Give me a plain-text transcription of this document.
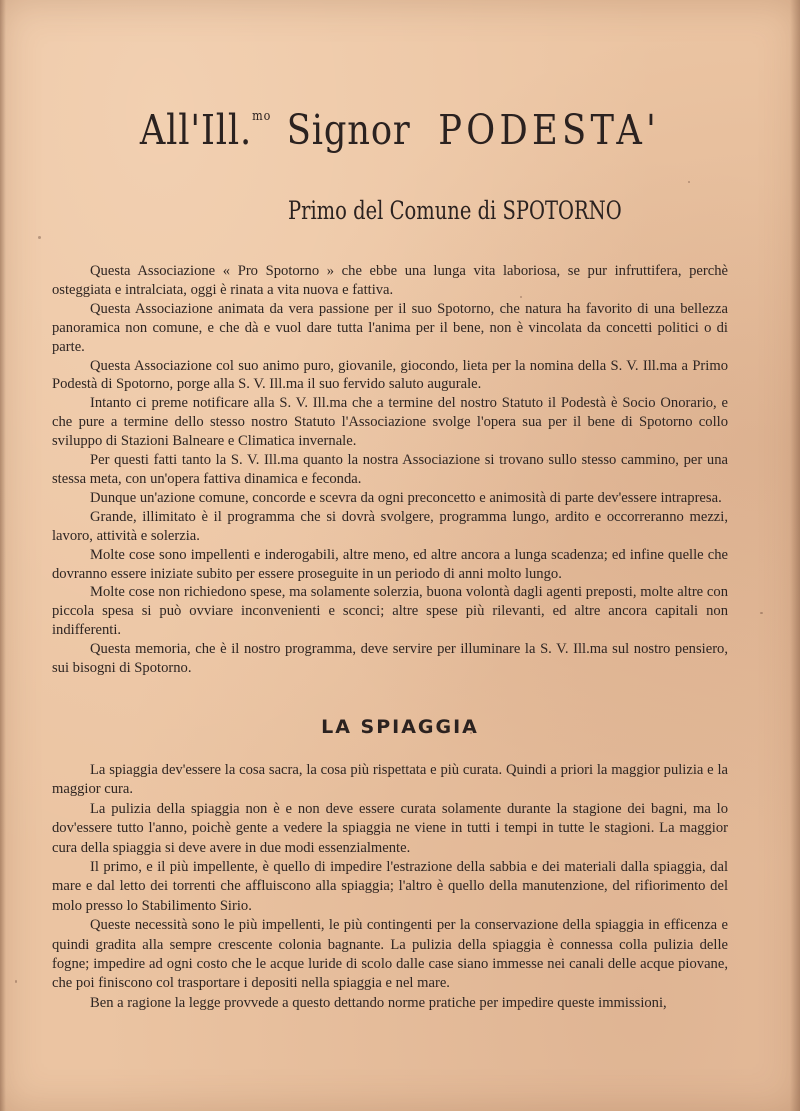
All'Ill.$^{mo}$ Signor PODESTA'
Primo del Comune di SPOTORNO

Questa Associazione « Pro Spotorno » che ebbe una lunga vita laboriosa, se pur infruttifera, perchè osteggiata e intralciata, oggi è rinata a vita nuova e fattiva.

Questa Associazione animata da vera passione per il suo Spotorno, che natura ha favorito di una bellezza panoramica non comune, e che dà e vuol dare tutta l'anima per il bene, non è vincolata da concetti politici o di parte.

Questa Associazione col suo animo puro, giovanile, giocondo, lieta per la nomina della S. V. Ill.ma a Primo Podestà di Spotorno, porge alla S. V. Ill.ma il suo fervido saluto augurale.

Intanto ci preme notificare alla S. V. Ill.ma che a termine del nostro Statuto il Podestà è Socio Onorario, e che pure a termine dello stesso nostro Statuto l'Associazione svolge l'opera sua per il bene di Spotorno collo sviluppo di Stazioni Balneare e Climatica invernale.

Per questi fatti tanto la S. V. Ill.ma quanto la nostra Associazione si trovano sullo stesso cammino, per una stessa meta, con un'opera fattiva dinamica e feconda.

Dunque un'azione comune, concorde e scevra da ogni preconcetto e animosità di parte dev'essere intrapresa.

Grande, illimitato è il programma che si dovrà svolgere, programma lungo, ardito e occorreranno mezzi, lavoro, attività e solerzia.

Molte cose sono impellenti e inderogabili, altre meno, ed altre ancora a lunga scadenza; ed infine quelle che dovranno essere iniziate subito per essere proseguite in un periodo di anni molto lungo.

Molte cose non richiedono spese, ma solamente solerzia, buona volontà dagli agenti preposti, molte altre con piccola spesa si può ovviare inconvenienti e sconci; altre spese più rilevanti, ed altre ancora capitali non indifferenti.

Questa memoria, che è il nostro programma, deve servire per illuminare la S. V. Ill.ma sul nostro pensiero, sui bisogni di Spotorno.

LA SPIAGGIA

La spiaggia dev'essere la cosa sacra, la cosa più rispettata e più curata. Quindi a priori la maggior pulizia e la maggior cura.

La pulizia della spiaggia non è e non deve essere curata solamente durante la stagione dei bagni, ma lo dov'essere tutto l'anno, poichè gente a vedere la spiaggia ne viene in tutti i tempi in tutte le stagioni. La maggior cura della spiaggia si deve avere in due modi essenzialmente.

Il primo, e il più impellente, è quello di impedire l'estrazione della sabbia e dei materiali dalla spiaggia, dal mare e dal letto dei torrenti che affluiscono alla spiaggia; l'altro è quello della manutenzione, del rifiorimento del molo presso lo Stabilimento Sirio.

Queste necessità sono le più impellenti, le più contingenti per la conservazione della spiaggia in efficenza e quindi gradita alla sempre crescente colonia bagnante. La pulizia della spiaggia è connessa colla pulizia delle fogne; impedire ad ogni costo che le acque luride di scolo dalle case siano immesse nei canali delle acque piovane, che poi finiscono col trasportare i depositi nella spiaggia e nel mare.

Ben a ragione la legge provvede a questo dettando norme pratiche per impedire queste immissioni,
